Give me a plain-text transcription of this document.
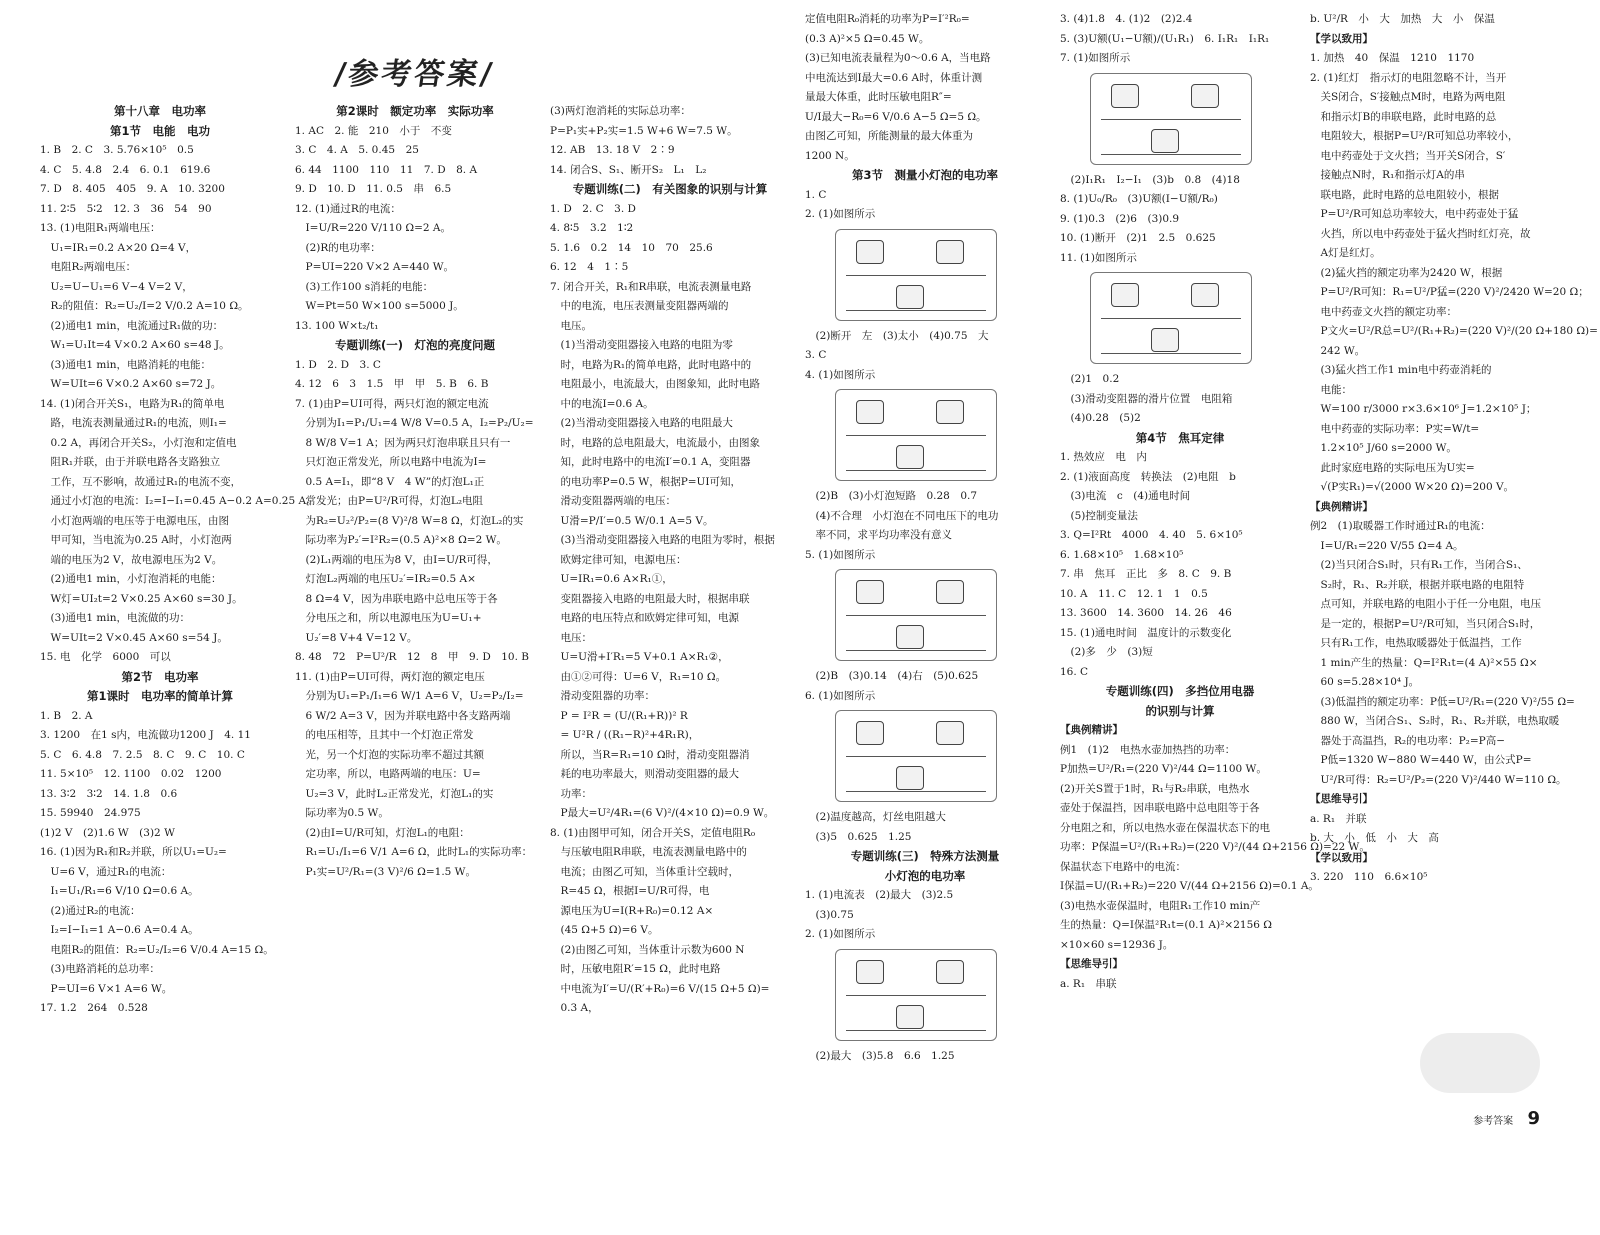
/参考答案/
第十八章　电功率
第1节　电能　电功
1. B　2. C　3. 5.76×10⁵　0.5
4. C　5. 4.8　2.4　6. 0.1　619.6
7. D　8. 405　405　9. A　10. 3200
11. 2∶5　5∶2　12. 3　36　54　90
13. (1)电阻R₁两端电压：
　U₁=IR₁=0.2 A×20 Ω=4 V，
　电阻R₂两端电压：
　U₂=U−U₁=6 V−4 V=2 V，
　R₂的阻值：R₂=U₂/I=2 V/0.2 A=10 Ω。
　(2)通电1 min，电流通过R₁做的功：
　W₁=U₁It=4 V×0.2 A×60 s=48 J。
　(3)通电1 min，电路消耗的电能：
　W=UIt=6 V×0.2 A×60 s=72 J。
14. (1)闭合开关S₁，电路为R₁的简单电
　路，电流表测量通过R₁的电流，则I₁=
　0.2 A，再闭合开关S₂，小灯泡和定值电
　阻R₁并联，由于并联电路各支路独立
　工作，互不影响，故通过R₁的电流不变，
　通过小灯泡的电流：I₂=I−I₁=0.45 A−0.2 A=0.25 A。
　小灯泡两端的电压等于电源电压，由图
　甲可知，当电流为0.25 A时，小灯泡两
　端的电压为2 V，故电源电压为2 V。
　(2)通电1 min，小灯泡消耗的电能：
　W灯=UI₂t=2 V×0.25 A×60 s=30 J。
　(3)通电1 min，电流做的功：
　W=UIt=2 V×0.45 A×60 s=54 J。
15. 电　化学　6000　可以
第2节　电功率
第1课时　电功率的简单计算
1. B　2. A
3. 1200　在1 s内，电流做功1200 J　4. 11
5. C　6. 4.8　7. 2.5　8. C　9. C　10. C
11. 5×10⁵　12. 1100　0.02　1200
13. 3∶2　3∶2　14. 1.8　0.6
15. 59940　24.975
(1)2 V　(2)1.6 W　(3)2 W
16. (1)因为R₁和R₂并联，所以U₁=U₂=
　U=6 V，通过R₁的电流：
　I₁=U₁/R₁=6 V/10 Ω=0.6 A。
　(2)通过R₂的电流：
　I₂=I−I₁=1 A−0.6 A=0.4 A。
　电阻R₂的阻值：R₂=U₂/I₂=6 V/0.4 A=15 Ω。
　(3)电路消耗的总功率：
　P=UI=6 V×1 A=6 W。
17. 1.2　264　0.528
第2课时　额定功率　实际功率
1. AC　2. 能　210　小于　不变
3. C　4. A　5. 0.45　25
6. 44　1100　110　11　7. D　8. A
9. D　10. D　11. 0.5　串　6.5
12. (1)通过R的电流：
　I=U/R=220 V/110 Ω=2 A。
　(2)R的电功率：
　P=UI=220 V×2 A=440 W。
　(3)工作100 s消耗的电能：
　W=Pt=50 W×100 s=5000 J。
13. 100 W×t₂/t₁
专题训练(一)　灯泡的亮度问题
1. D　2. D　3. C
4. 12　6　3　1.5　甲　甲　5. B　6. B
7. (1)由P=UI可得，两只灯泡的额定电流
　分别为I₁=P₁/U₁=4 W/8 V=0.5 A，I₂=P₂/U₂=
　8 W/8 V=1 A；因为两只灯泡串联且只有一
　只灯泡正常发光，所以电路中电流为I=
　0.5 A=I₁，即“8 V　4 W”的灯泡L₁正
　常发光；由P=U²/R可得，灯泡L₂电阻
　为R₂=U₂²/P₂=(8 V)²/8 W=8 Ω，灯泡L₂的实
　际功率为P₂′=I²R₂=(0.5 A)²×8 Ω=2 W。
　(2)L₁两端的电压为8 V，由I=U/R可得，
　灯泡L₂两端的电压U₂′=IR₂=0.5 A×
　8 Ω=4 V，因为串联电路中总电压等于各
　分电压之和，所以电源电压为U=U₁+
　U₂′=8 V+4 V=12 V。
8. 48　72　P=U²/R　12　8　甲　9. D　10. B
11. (1)由P=UI可得，两灯泡的额定电压
　分别为U₁=P₁/I₁=6 W/1 A=6 V，U₂=P₂/I₂=
　6 W/2 A=3 V，因为并联电路中各支路两端
　的电压相等，且其中一个灯泡正常发
　光，另一个灯泡的实际功率不超过其额
　定功率，所以，电路两端的电压：U=
　U₂=3 V，此时L₂正常发光，灯泡L₁的实
　际功率为0.5 W。
　(2)由I=U/R可知，灯泡L₁的电阻：
　R₁=U₁/I₁=6 V/1 A=6 Ω，此时L₁的实际功率：
　P₁实=U²/R₁=(3 V)²/6 Ω=1.5 W。
(3)两灯泡消耗的实际总功率：
P=P₁实+P₂实=1.5 W+6 W=7.5 W。
12. AB　13. 18 V　2∶9
14. 闭合S、S₁、断开S₂　L₁　L₂
专题训练(二)　有关图象的识别与计算
1. D　2. C　3. D
4. 8∶5　3.2　1∶2
5. 1.6　0.2　14　10　70　25.6
6. 12　4　1∶5
7. 闭合开关，R₁和R串联，电流表测量电路
　中的电流，电压表测量变阻器两端的
　电压。
　(1)当滑动变阻器接入电路的电阻为零
　时，电路为R₁的简单电路，此时电路中的
　电阻最小，电流最大，由图象知，此时电路
　中的电流I=0.6 A。
　(2)当滑动变阻器接入电路的电阻最大
　时，电路的总电阻最大，电流最小，由图象
　知，此时电路中的电流I′=0.1 A，变阻器
　的电功率P=0.5 W，根据P=UI可知，
　滑动变阻器两端的电压：
　U滑=P/I′=0.5 W/0.1 A=5 V。
　(3)当滑动变阻器接入电路的电阻为零时，根据
　欧姆定律可知，电源电压：
　U=IR₁=0.6 A×R₁①，
　变阻器接入电路的电阻最大时，根据串联
　电路的电压特点和欧姆定律可知，电源
　电压：
　U=U滑+I′R₁=5 V+0.1 A×R₁②，
　由①②可得：U=6 V，R₁=10 Ω。
　滑动变阻器的功率：
　P = I²R = (U/(R₁+R))² R
　= U²R / ((R₁−R)²+4R₁R)，
　所以，当R=R₁=10 Ω时，滑动变阻器消
　耗的电功率最大，则滑动变阻器的最大
　功率：
　P最大=U²/4R₁=(6 V)²/(4×10 Ω)=0.9 W。
8. (1)由图甲可知，闭合开关S，定值电阻R₀
　与压敏电阻R串联，电流表测量电路中的
　电流；由图乙可知，当体重计空载时，
　R=45 Ω，根据I=U/R可得，电
　源电压为U=I(R+R₀)=0.12 A×
　(45 Ω+5 Ω)=6 V。
　(2)由图乙可知，当体重计示数为600 N
　时，压敏电阻R′=15 Ω，此时电路
　中电流为I′=U/(R′+R₀)=6 V/(15 Ω+5 Ω)=
　0.3 A，
定值电阻R₀消耗的功率为P=I′²R₀=
(0.3 A)²×5 Ω=0.45 W。
(3)已知电流表量程为0～0.6 A，当电路
中电流达到I最大=0.6 A时，体重计测
量最大体重，此时压敏电阻R″=
U/I最大−R₀=6 V/0.6 A−5 Ω=5 Ω。
由图乙可知，所能测量的最大体重为
1200 N。
第3节　测量小灯泡的电功率
1. C
2. (1)如图所示
　(2)断开　左　(3)太小　(4)0.75　大
3. C
4. (1)如图所示
　(2)B　(3)小灯泡短路　0.28　0.7
　(4)不合理　小灯泡在不同电压下的电功
　率不同，求平均功率没有意义
5. (1)如图所示
　(2)B　(3)0.14　(4)右　(5)0.625
6. (1)如图所示
　(2)温度越高，灯丝电阻越大
　(3)5　0.625　1.25
专题训练(三)　特殊方法测量
小灯泡的电功率
1. (1)电流表　(2)最大　(3)2.5
　(3)0.75
2. (1)如图所示
　(2)最大　(3)5.8　6.6　1.25
3. (4)1.8　4. (1)2　(2)2.4
5. (3)U额(U₁−U额)/(U₁R₁)　6. I₁R₁　I₁R₁
7. (1)如图所示
　(2)I₁R₁　I₂−I₁　(3)b　0.8　(4)18
8. (1)U₀/R₀　(3)U额(I−U额/R₀)
9. (1)0.3　(2)6　(3)0.9
10. (1)断开　(2)1　2.5　0.625
11. (1)如图所示
　(2)1　0.2
　(3)滑动变阻器的滑片位置　电阻箱
　(4)0.28　(5)2
第4节　焦耳定律
1. 热效应　电　内
2. (1)液面高度　转换法　(2)电阻　b
　(3)电流　c　(4)通电时间
　(5)控制变量法
3. Q=I²Rt　4000　4. 40　5. 6×10⁵
6. 1.68×10⁵　1.68×10⁵
7. 串　焦耳　正比　多　8. C　9. B
10. A　11. C　12. 1　1　0.5
13. 3600　14. 3600　14. 26　46
15. (1)通电时间　温度计的示数变化
　(2)多　少　(3)短
16. C
专题训练(四)　多挡位用电器
的识别与计算
【典例精讲】
例1　(1)2　电热水壶加热挡的功率：
P加热=U²/R₁=(220 V)²/44 Ω=1100 W。
(2)开关S置于1时，R₁与R₂串联，电热水
壶处于保温挡，因串联电路中总电阻等于各
分电阻之和，所以电热水壶在保温状态下的电
功率：P保温=U²/(R₁+R₂)=(220 V)²/(44 Ω+2156 Ω)=22 W。
保温状态下电路中的电流：
I保温=U/(R₁+R₂)=220 V/(44 Ω+2156 Ω)=0.1 A。
(3)电热水壶保温时，电阻R₁工作10 min产
生的热量：Q=I保温²R₁t=(0.1 A)²×2156 Ω
×10×60 s=12936 J。
【思维导引】
a. R₁　串联
b. U²/R　小　大　加热　大　小　保温
【学以致用】
1. 加热　40　保温　1210　1170
2. (1)红灯　指示灯的电阻忽略不计，当开
　关S闭合，S′接触点M时，电路为两电阻
　和指示灯B的串联电路，此时电路的总
　电阻较大，根据P=U²/R可知总功率较小，
　电中药壶处于文火挡；当开关S闭合，S′
　接触点N时，R₁和指示灯A的串
　联电路，此时电路的总电阻较小，根据
　P=U²/R可知总功率较大，电中药壶处于猛
　火挡，所以电中药壶处于猛火挡时红灯亮，故
　A灯是红灯。
　(2)猛火挡的额定功率为2420 W，根据
　P=U²/R可知：R₁=U²/P猛=(220 V)²/2420 W=20 Ω；
　电中药壶文火挡的额定功率：
　P文火=U²/R总=U²/(R₁+R₂)=(220 V)²/(20 Ω+180 Ω)=
　242 W。
　(3)猛火挡工作1 min电中药壶消耗的
　电能：
　W=100 r/3000 r×3.6×10⁶ J=1.2×10⁵ J；
　电中药壶的实际功率：P实=W/t=
　1.2×10⁵ J/60 s=2000 W。
　此时家庭电路的实际电压为U实=
　√(P实R₁)=√(2000 W×20 Ω)=200 V。
【典例精讲】
例2　(1)取暖器工作时通过R₁的电流：
　I=U/R₁=220 V/55 Ω=4 A。
　(2)当只闭合S₁时，只有R₁工作，当闭合S₁、
　S₂时，R₁、R₂并联，根据并联电路的电阻特
　点可知，并联电路的电阻小于任一分电阻，电压
　是一定的，根据P=U²/R可知，当只闭合S₁时，
　只有R₁工作，电热取暖器处于低温挡，工作
　1 min产生的热量：Q=I²R₁t=(4 A)²×55 Ω×
　60 s=5.28×10⁴ J。
　(3)低温挡的额定功率：P低=U²/R₁=(220 V)²/55 Ω=
　880 W，当闭合S₁、S₂时，R₁、R₂并联，电热取暖
　器处于高温挡，R₂的电功率：P₂=P高−
　P低=1320 W−880 W=440 W，由公式P=
　U²/R可得：R₂=U²/P₂=(220 V)²/440 W=110 Ω。
【思维导引】
a. R₁　并联
b. 大　小　低　小　大　高
【学以致用】
3. 220　110　6.6×10⁵
参考答案 9
